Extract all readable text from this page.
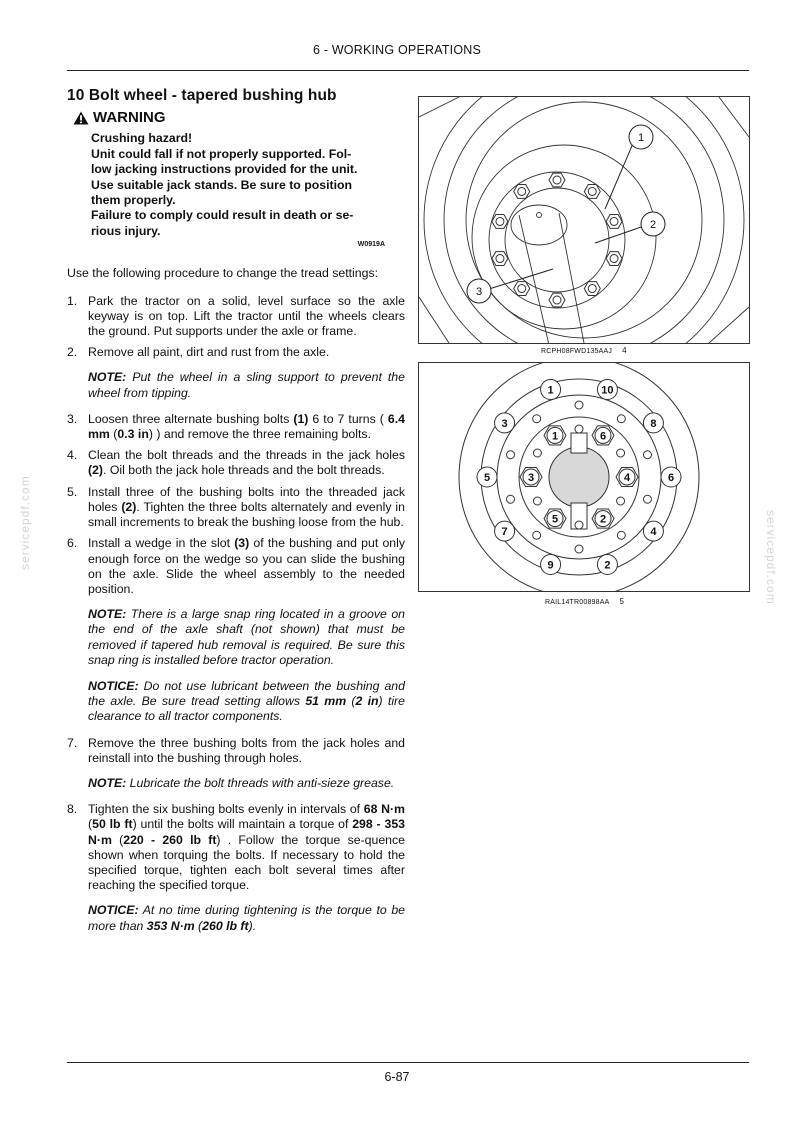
6 - WORKING OPERATIONS
10 Bolt wheel - tapered bushing hub
WARNING
Crushing hazard!
Unit could fall if not properly supported. Fol-
low jacking instructions provided for the unit.
Use suitable jack stands. Be sure to position
them properly.
Failure to comply could result in death or se-
rious injury.
W0919A

Use the following procedure to change the tread settings:

1. Park the tractor on a solid, level surface so the axle keyway is on top. Lift the tractor until the wheels clears the ground. Put supports under the axle or frame.
2. Remove all paint, dirt and rust from the axle.

NOTE: Put the wheel in a sling support to prevent the wheel from tipping.

3. Loosen three alternate bushing bolts (1) 6 to 7 turns ( 6.4 mm (0.3 in) ) and remove the three remaining bolts.
4. Clean the bolt threads and the threads in the jack holes (2). Oil both the jack hole threads and the bolt threads.
5. Install three of the bushing bolts into the threaded jack holes (2). Tighten the three bolts alternately and evenly in small increments to break the bushing loose from the hub.
6. Install a wedge in the slot (3) of the bushing and put only enough force on the wedge so you can slide the bushing on the axle. Slide the wheel assembly to the needed position.

NOTE: There is a large snap ring located in a groove on the end of the axle shaft (not shown) that must be removed if tapered hub removal is required. Be sure this snap ring is installed before tractor operation.

NOTICE: Do not use lubricant between the bushing and the axle. Be sure tread setting allows 51 mm (2 in) tire clearance to all tractor components.

7. Remove the three bushing bolts from the jack holes and reinstall into the bushing through holes.

NOTE: Lubricate the bolt threads with anti-sieze grease.

8. Tighten the six bushing bolts evenly in intervals of 68 N·m (50 lb ft) until the bolts will maintain a torque of 298 - 353 N·m (220 - 260 lb ft) . Follow the torque se-quence shown when torquing the bolts. If necessary to hold the specified torque, tighten each bolt several times after reaching the specified torque.

NOTICE: At no time during tightening is the torque to be more than 353 N·m (260 lb ft).

1
2
3
RCPH08FWD135AAJ 4
10
8
6
4
2
9
7
5
3
1
1	6
4
2
5
3
RAIL14TR00898AA 5
6-87
servicepdf.com	servicepdf.com
